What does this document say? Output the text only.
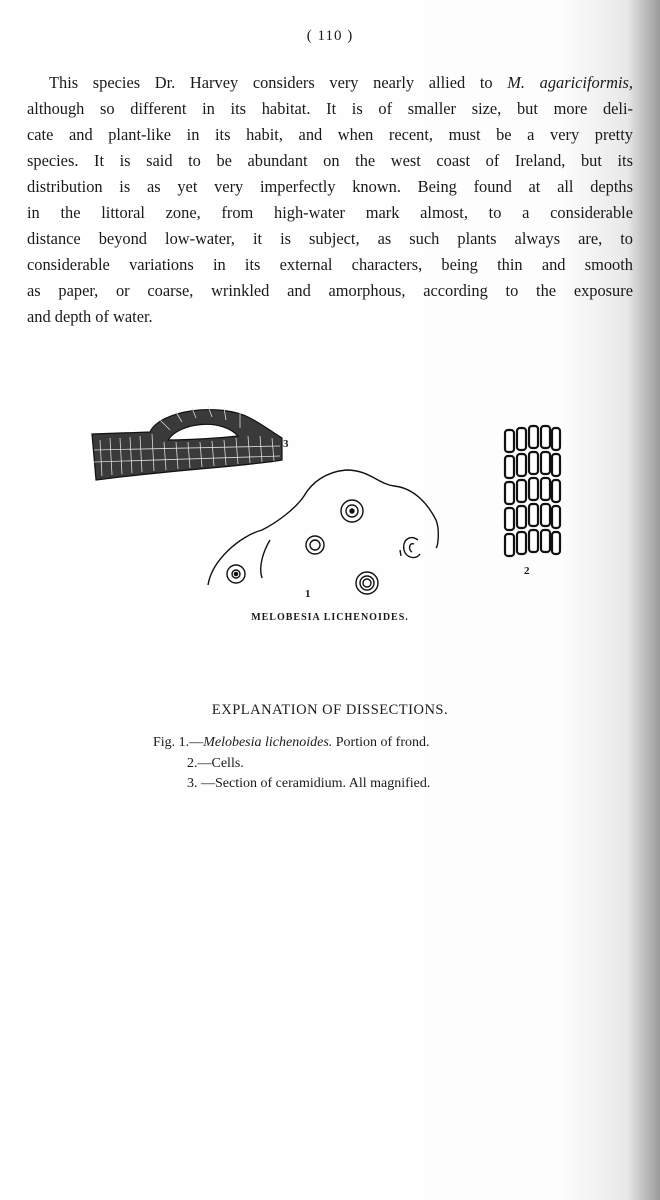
( 110 )
This species Dr. Harvey considers very nearly allied to M. agariciformis,
although so different in its habitat. It is of smaller size, but more deli-
cate and plant-like in its habit, and when recent, must be a very pretty
species. It is said to be abundant on the west coast of Ireland, but its
distribution is as yet very imperfectly known. Being found at all depths
in the littoral zone, from high-water mark almost, to a considerable
distance beyond low-water, it is subject, as such plants always are, to
considerable variations in its external characters, being thin and smooth
as paper, or coarse, wrinkled and amorphous, according to the exposure
and depth of water.
3
2
1
MELOBESIA LICHENOIDES.
EXPLANATION OF DISSECTIONS.
Fig. 1.—Melobesia lichenoides. Portion of frond.
2.—Cells.
3. —Section of ceramidium. All magnified.
